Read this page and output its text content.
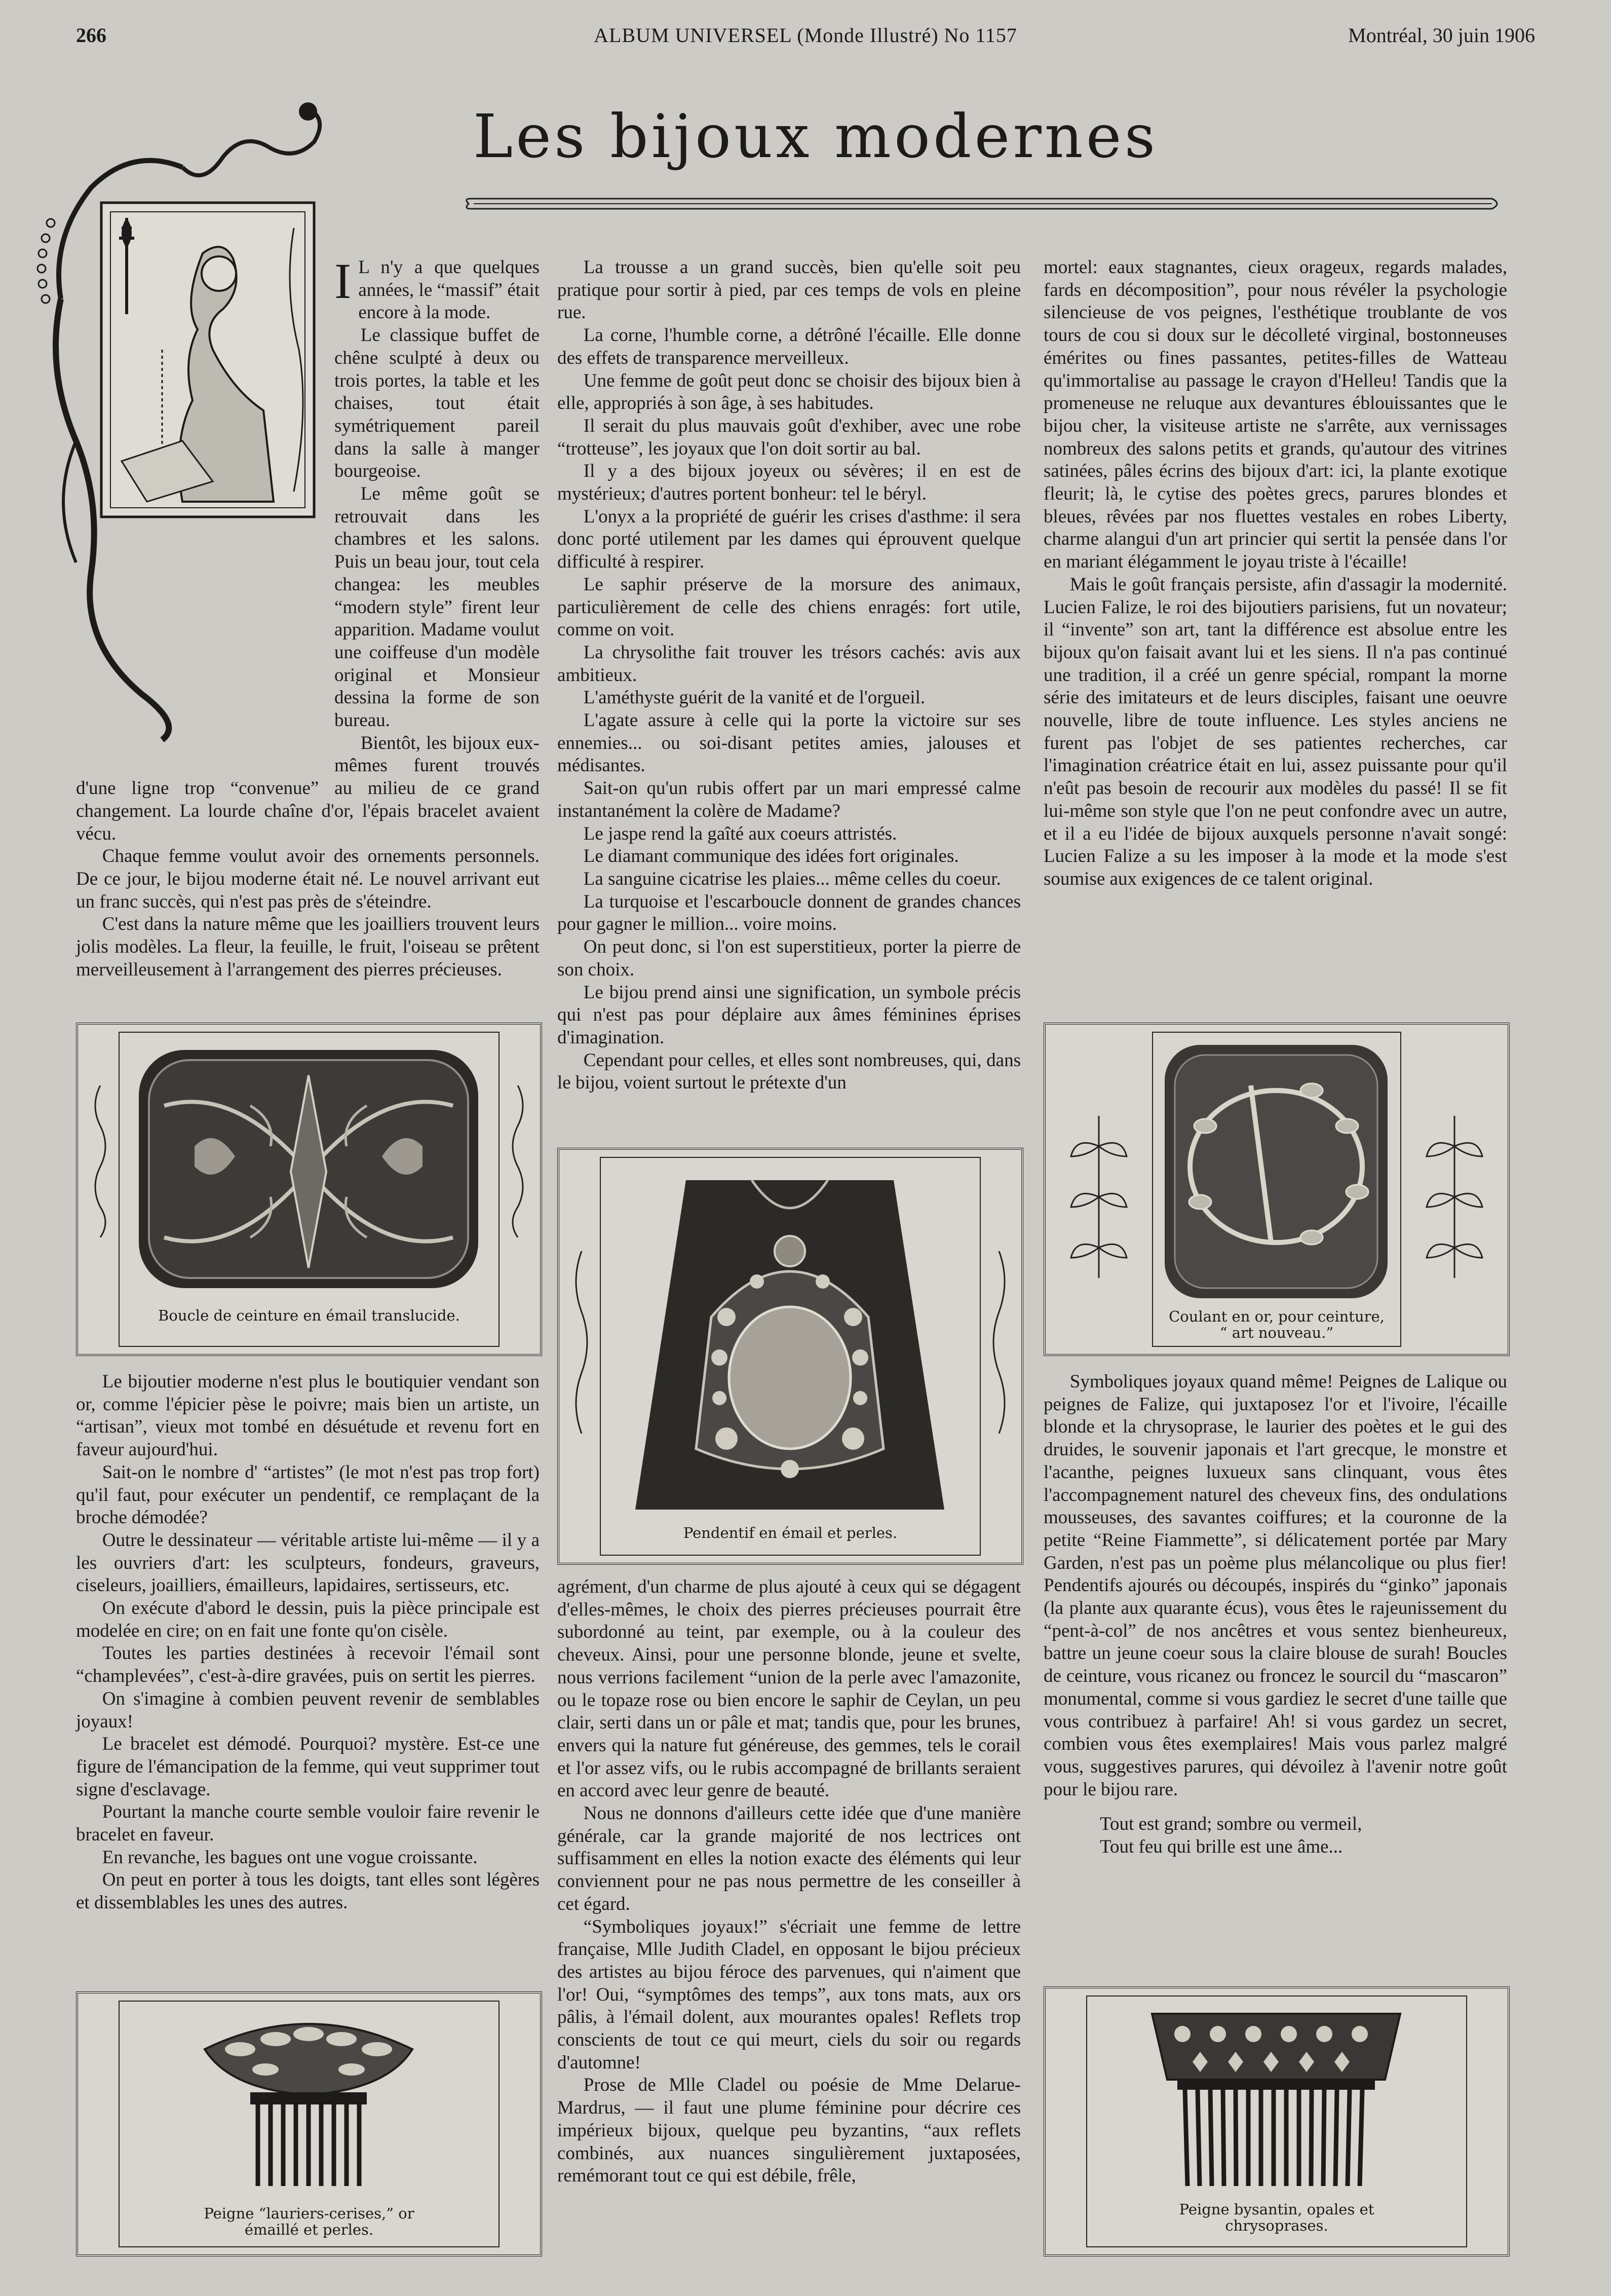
266	ALBUM UNIVERSEL (Monde Illustré) No 1157	Montréal, 30 juin 1906
Les bijoux modernes

I L n'y a que quelques années, le “massif” était encore à la mode.

Le classique buffet de chêne sculpté à deux ou trois portes, la table et les chaises, tout était symétriquement pareil dans la salle à manger bourgeoise.

Le même goût se retrouvait dans les chambres et les salons. Puis un beau jour, tout cela changea: les meubles “modern style” firent leur apparition. Madame voulut une coiffeuse d'un modèle original et Monsieur dessina la forme de son bureau.

Bientôt, les bijoux eux-mêmes furent trouvés d'une ligne trop “convenue” au milieu de ce grand changement. La lourde chaîne d'or, l'épais bracelet avaient vécu.

Chaque femme voulut avoir des ornements personnels. De ce jour, le bijou moderne était né. Le nouvel arrivant eut un franc succès, qui n'est pas près de s'éteindre.

C'est dans la nature même que les joailliers trouvent leurs jolis modèles. La fleur, la feuille, le fruit, l'oiseau se prêtent merveilleusement à l'arrangement des pierres précieuses.

Boucle de ceinture en émail translucide.

Le bijoutier moderne n'est plus le boutiquier vendant son or, comme l'épicier pèse le poivre; mais bien un artiste, un “artisan”, vieux mot tombé en désuétude et revenu fort en faveur aujourd'hui.

Sait-on le nombre d' “artistes” (le mot n'est pas trop fort) qu'il faut, pour exécuter un pendentif, ce remplaçant de la broche démodée?

Outre le dessinateur — véritable artiste lui-même — il y a les ouvriers d'art: les sculpteurs, fondeurs, graveurs, ciseleurs, joailliers, émailleurs, lapidaires, sertisseurs, etc.

On exécute d'abord le dessin, puis la pièce principale est modelée en cire; on en fait une fonte qu'on cisèle.

Toutes les parties destinées à recevoir l'émail sont “champlevées”, c'est-à-dire gravées, puis on sertit les pierres.

On s'imagine à combien peuvent revenir de semblables joyaux!

Le bracelet est démodé. Pourquoi? mystère. Est-ce une figure de l'émancipation de la femme, qui veut supprimer tout signe d'esclavage.

Pourtant la manche courte semble vouloir faire revenir le bracelet en faveur.

En revanche, les bagues ont une vogue croissante.

On peut en porter à tous les doigts, tant elles sont légères et dissemblables les unes des autres.

Peigne “lauriers-cerises,” or émaillé et perles.

La trousse a un grand succès, bien qu'elle soit peu pratique pour sortir à pied, par ces temps de vols en pleine rue.

La corne, l'humble corne, a détrôné l'écaille. Elle donne des effets de transparence merveilleux.

Une femme de goût peut donc se choisir des bijoux bien à elle, appropriés à son âge, à ses habitudes.

Il serait du plus mauvais goût d'exhiber, avec une robe “trotteuse”, les joyaux que l'on doit sortir au bal.

Il y a des bijoux joyeux ou sévères; il en est de mystérieux; d'autres portent bonheur: tel le béryl.

L'onyx a la propriété de guérir les crises d'asthme: il sera donc porté utilement par les dames qui éprouvent quelque difficulté à respirer.

Le saphir préserve de la morsure des animaux, particulièrement de celle des chiens enragés: fort utile, comme on voit.

La chrysolithe fait trouver les trésors cachés: avis aux ambitieux.

L'améthyste guérit de la vanité et de l'orgueil.

L'agate assure à celle qui la porte la victoire sur ses ennemies... ou soi-disant petites amies, jalouses et médisantes.

Sait-on qu'un rubis offert par un mari empressé calme instantanément la colère de Madame?

Le jaspe rend la gaîté aux coeurs attristés.

Le diamant communique des idées fort originales.

La sanguine cicatrise les plaies... même celles du coeur.

La turquoise et l'escarboucle donnent de grandes chances pour gagner le million... voire moins.

On peut donc, si l'on est superstitieux, porter la pierre de son choix.

Le bijou prend ainsi une signification, un symbole précis qui n'est pas pour déplaire aux âmes féminines éprises d'imagination.

Cependant pour celles, et elles sont nombreuses, qui, dans le bijou, voient surtout le prétexte d'un

Pendentif en émail et perles.

agrément, d'un charme de plus ajouté à ceux qui se dégagent d'elles-mêmes, le choix des pierres précieuses pourrait être subordonné au teint, par exemple, ou à la couleur des cheveux. Ainsi, pour une personne blonde, jeune et svelte, nous verrions facilement “union de la perle avec l'amazonite, ou le topaze rose ou bien encore le saphir de Ceylan, un peu clair, serti dans un or pâle et mat; tandis que, pour les brunes, envers qui la nature fut généreuse, des gemmes, tels le corail et l'or assez vifs, ou le rubis accompagné de brillants seraient en accord avec leur genre de beauté.

Nous ne donnons d'ailleurs cette idée que d'une manière générale, car la grande majorité de nos lectrices ont suffisamment en elles la notion exacte des éléments qui leur conviennent pour ne pas nous permettre de les conseiller à cet égard.

“Symboliques joyaux!” s'écriait une femme de lettre française, Mlle Judith Cladel, en opposant le bijou précieux des artistes au bijou féroce des parvenues, qui n'aiment que l'or! Oui, “symptômes des temps”, aux tons mats, aux ors pâlis, à l'émail dolent, aux mourantes opales! Reflets trop conscients de tout ce qui meurt, ciels du soir ou regards d'automne!

Prose de Mlle Cladel ou poésie de Mme Delarue-Mardrus, — il faut une plume féminine pour décrire ces impérieux bijoux, quelque peu byzantins, “aux reflets combinés, aux nuances singulièrement juxtaposées, remémorant tout ce qui est débile, frêle,

mortel: eaux stagnantes, cieux orageux, regards malades, fards en décomposition”, pour nous révéler la psychologie silencieuse de vos peignes, l'esthétique troublante de vos tours de cou si doux sur le décolleté virginal, bostonneuses émérites ou fines passantes, petites-filles de Watteau qu'immortalise au passage le crayon d'Helleu! Tandis que la promeneuse ne reluque aux devantures éblouissantes que le bijou cher, la visiteuse artiste ne s'arrête, aux vernissages nombreux des salons petits et grands, qu'autour des vitrines satinées, pâles écrins des bijoux d'art: ici, la plante exotique fleurit; là, le cytise des poètes grecs, parures blondes et bleues, rêvées par nos fluettes vestales en robes Liberty, charme alangui d'un art princier qui sertit la pensée dans l'or en mariant élégamment le joyau triste à l'écaille!

Mais le goût français persiste, afin d'assagir la modernité. Lucien Falize, le roi des bijoutiers parisiens, fut un novateur; il “invente” son art, tant la différence est absolue entre les bijoux qu'on faisait avant lui et les siens. Il n'a pas continué une tradition, il a créé un genre spécial, rompant la morne série des imitateurs et de leurs disciples, faisant une oeuvre nouvelle, libre de toute influence. Les styles anciens ne furent pas l'objet de ses patientes recherches, car l'imagination créatrice était en lui, assez puissante pour qu'il n'eût pas besoin de recourir aux modèles du passé! Il se fit lui-même son style que l'on ne peut confondre avec un autre, et il a eu l'idée de bijoux auxquels personne n'avait songé: Lucien Falize a su les imposer à la mode et la mode s'est soumise aux exigences de ce talent original.

Coulant en or, pour ceinture, “ art nouveau.”

Symboliques joyaux quand même! Peignes de Lalique ou peignes de Falize, qui juxtaposez l'or et l'ivoire, l'écaille blonde et la chrysoprase, le laurier des poètes et le gui des druides, le souvenir japonais et l'art grecque, le monstre et l'acanthe, peignes luxueux sans clinquant, vous êtes l'accompagnement naturel des cheveux fins, des ondulations mousseuses, des savantes coiffures; et la couronne de la petite “Reine Fiammette”, si délicatement portée par Mary Garden, n'est pas un poème plus mélancolique ou plus fier! Pendentifs ajourés ou découpés, inspirés du “ginko” japonais (la plante aux quarante écus), vous êtes le rajeunissement du “pent-à-col” de nos ancêtres et vous sentez bienheureux, battre un jeune coeur sous la claire blouse de surah! Boucles de ceinture, vous ricanez ou froncez le sourcil du “mascaron” monumental, comme si vous gardiez le secret d'une taille que vous contribuez à parfaire! Ah! si vous gardez un secret, combien vous êtes exemplaires! Mais vous parlez malgré vous, suggestives parures, qui dévoilez à l'avenir notre goût pour le bijou rare.

Tout est grand; sombre ou vermeil,

Tout feu qui brille est une âme...

Peigne bysantin, opales et chrysoprases.
